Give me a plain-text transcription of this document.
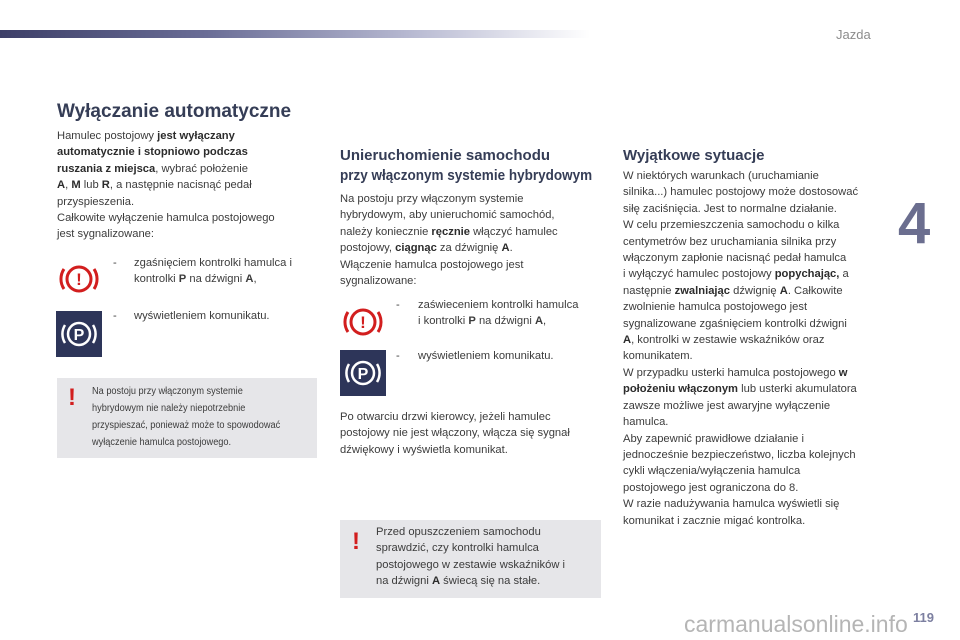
Jazda
4
Wyłączanie automatyczne
Hamulec postojowy jest wyłączany
automatycznie i stopniowo podczas
ruszania z miejsca, wybrać położenie
A, M lub R, a następnie nacisnąć pedał
przyspieszenia.
Całkowite wyłączenie hamulca postojowego
jest sygnalizowane:
!
- zgaśnięciem kontrolki hamulca i
kontrolki P na dźwigni A,
P
- wyświetleniem komunikatu.
! Na postoju przy włączonym systemie
hybrydowym nie należy niepotrzebnie
przyspieszać, ponieważ może to spowodować
wyłączenie hamulca postojowego.
Unieruchomienie samochodu
przy włączonym systemie hybrydowym
Na postoju przy włączonym systemie
hybrydowym, aby unieruchomić samochód,
należy koniecznie ręcznie włączyć hamulec
postojowy, ciągnąc za dźwignię A.
Włączenie hamulca postojowego jest
sygnalizowane:
!
- zaświeceniem kontrolki hamulca
i kontrolki P na dźwigni A,
P
- wyświetleniem komunikatu.
Po otwarciu drzwi kierowcy, jeżeli hamulec
postojowy nie jest włączony, włącza się sygnał
dźwiękowy i wyświetla komunikat.
! Przed opuszczeniem samochodu
sprawdzić, czy kontrolki hamulca
postojowego w zestawie wskaźników i
na dźwigni A świecą się na stałe.
Wyjątkowe sytuacje
W niektórych warunkach (uruchamianie
silnika...) hamulec postojowy może dostosować
siłę zaciśnięcia. Jest to normalne działanie.
W celu przemieszczenia samochodu o kilka
centymetrów bez uruchamiania silnika przy
włączonym zapłonie nacisnąć pedał hamulca
i wyłączyć hamulec postojowy popychając, a
następnie zwalniając dźwignię A. Całkowite
zwolnienie hamulca postojowego jest
sygnalizowane zgaśnięciem kontrolki dźwigni
A, kontrolki w zestawie wskaźników oraz
komunikatem.
W przypadku usterki hamulca postojowego w
położeniu włączonym lub usterki akumulatora
zawsze możliwe jest awaryjne wyłączenie
hamulca.
Aby zapewnić prawidłowe działanie i
jednocześnie bezpieczeństwo, liczba kolejnych
cykli włączenia/wyłączenia hamulca
postojowego jest ograniczona do 8.
W razie nadużywania hamulca wyświetli się
komunikat i zacznie migać kontrolka.
carmanualsonline.info 119
